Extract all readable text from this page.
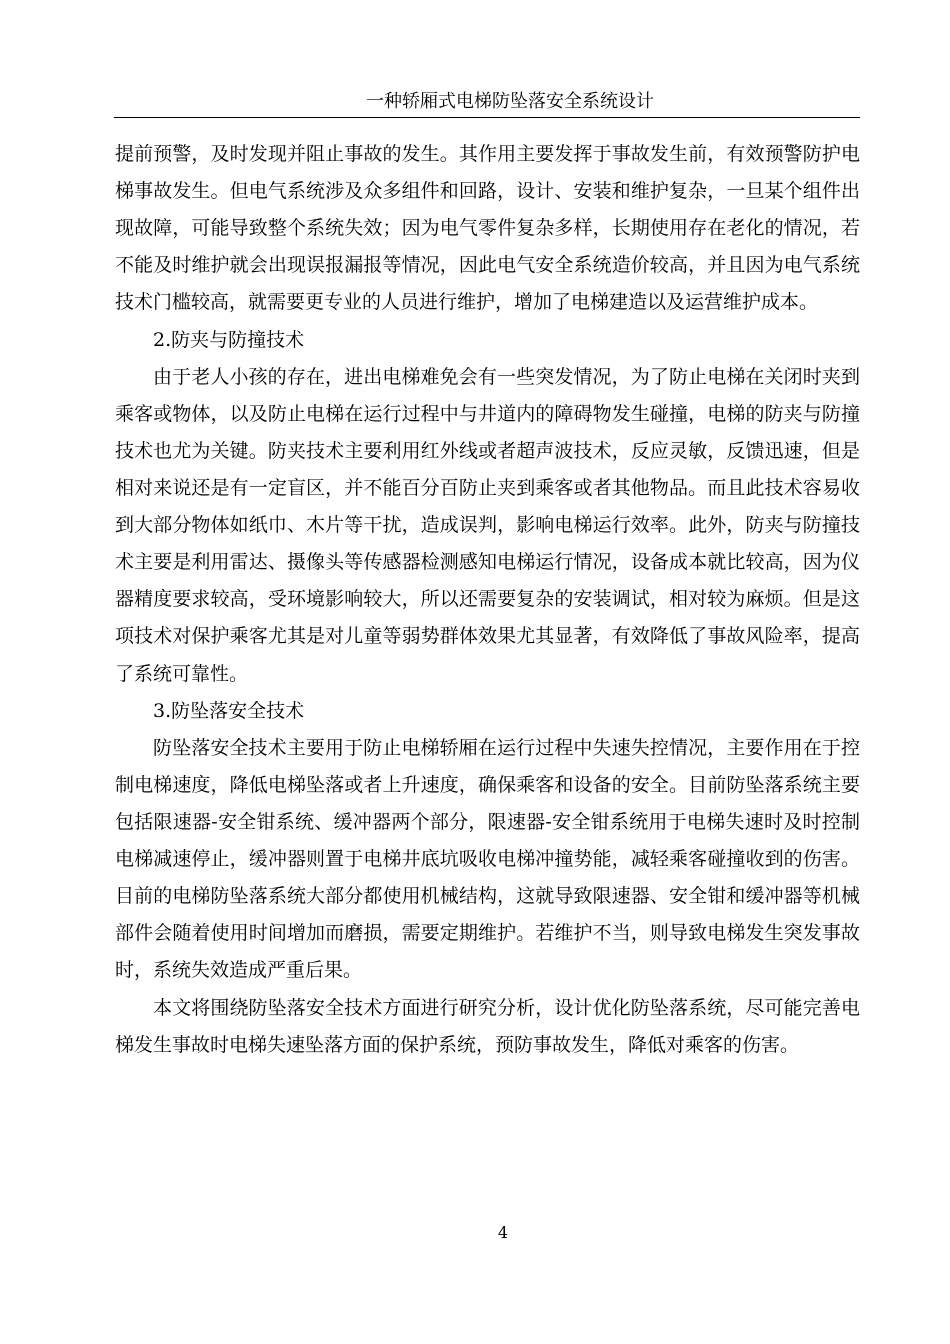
一种轿厢式电梯防坠落安全系统设计
提前预警，及时发现并阻止事故的发生。其作用主要发挥于事故发生前，有效预警防护电
梯事故发生。但电气系统涉及众多组件和回路，设计、安装和维护复杂，一旦某个组件出
现故障，可能导致整个系统失效；因为电气零件复杂多样，长期使用存在老化的情况，若
不能及时维护就会出现误报漏报等情况，因此电气安全系统造价较高，并且因为电气系统
技术门槛较高，就需要更专业的人员进行维护，增加了电梯建造以及运营维护成本。
2.防夹与防撞技术
由于老人小孩的存在，进出电梯难免会有一些突发情况，为了防止电梯在关闭时夹到
乘客或物体，以及防止电梯在运行过程中与井道内的障碍物发生碰撞，电梯的防夹与防撞
技术也尤为关键。防夹技术主要利用红外线或者超声波技术，反应灵敏，反馈迅速，但是
相对来说还是有一定盲区，并不能百分百防止夹到乘客或者其他物品。而且此技术容易收
到大部分物体如纸巾、木片等干扰，造成误判，影响电梯运行效率。此外，防夹与防撞技
术主要是利用雷达、摄像头等传感器检测感知电梯运行情况，设备成本就比较高，因为仪
器精度要求较高，受环境影响较大，所以还需要复杂的安装调试，相对较为麻烦。但是这
项技术对保护乘客尤其是对儿童等弱势群体效果尤其显著，有效降低了事故风险率，提高
了系统可靠性。
3.防坠落安全技术
防坠落安全技术主要用于防止电梯轿厢在运行过程中失速失控情况，主要作用在于控
制电梯速度，降低电梯坠落或者上升速度，确保乘客和设备的安全。目前防坠落系统主要
包括限速器-安全钳系统、缓冲器两个部分，限速器-安全钳系统用于电梯失速时及时控制
电梯减速停止，缓冲器则置于电梯井底坑吸收电梯冲撞势能，减轻乘客碰撞收到的伤害。
目前的电梯防坠落系统大部分都使用机械结构，这就导致限速器、安全钳和缓冲器等机械
部件会随着使用时间增加而磨损，需要定期维护。若维护不当，则导致电梯发生突发事故
时，系统失效造成严重后果。
本文将围绕防坠落安全技术方面进行研究分析，设计优化防坠落系统，尽可能完善电
梯发生事故时电梯失速坠落方面的保护系统，预防事故发生，降低对乘客的伤害。
4
